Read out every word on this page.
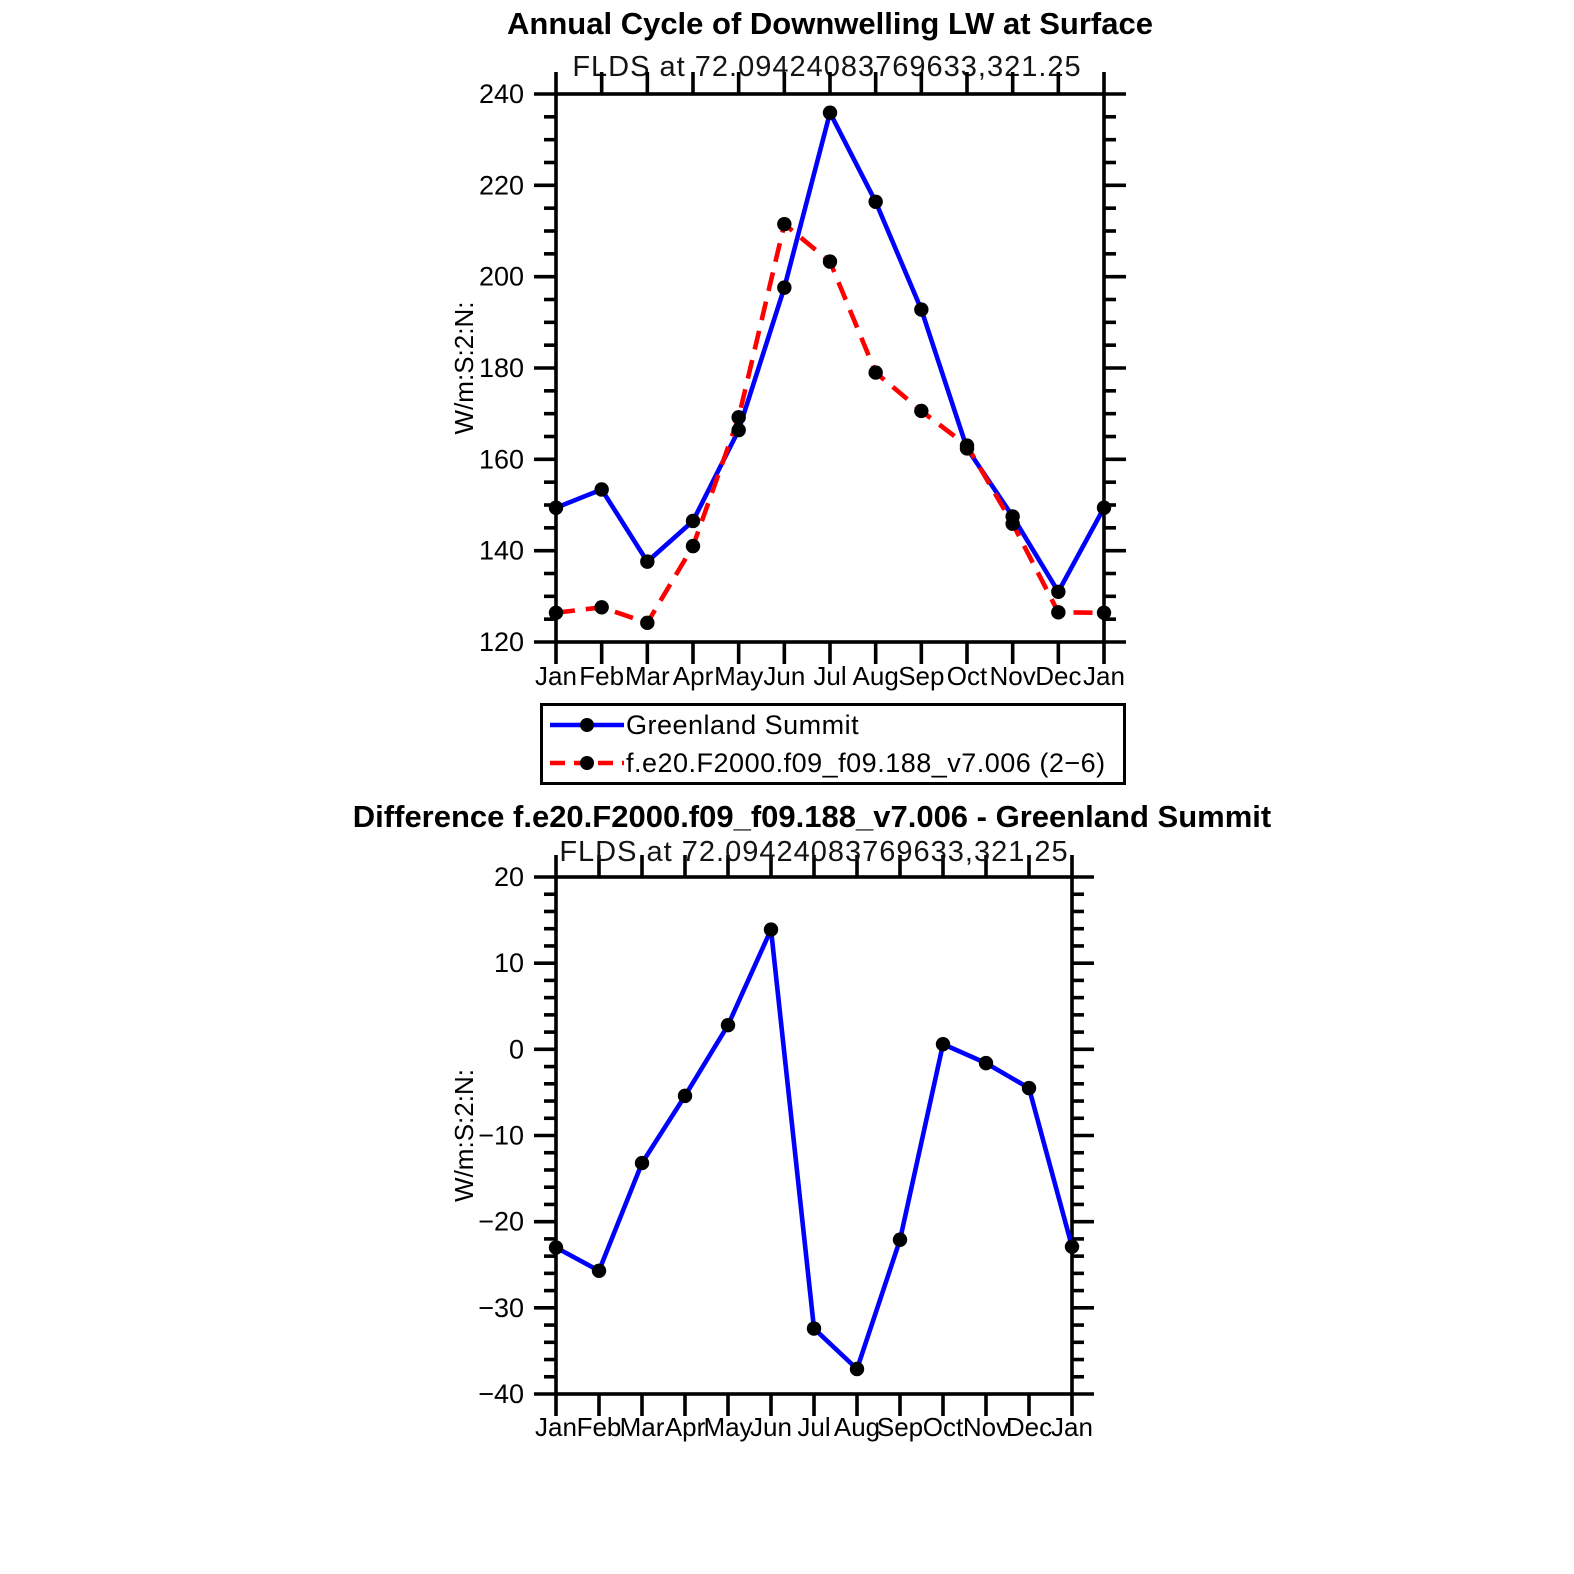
Annual Cycle of Downwelling LW at Surface
FLDS at 72.09424083769633,321.25
240
220
200
180
160
140
120
Jan Feb Mar Apr May Jun Jul Aug Sep Oct Nov Dec Jan
W/m:S:2:N:
20
10
0
−10
−20
−30
−40
Jan Feb
Mar Apr
May
Jun Jul Aug
Sep Oct Nov
Dec
Jan
W/m:S:2:N:
Greenland Summit
f.e20.F2000.f09_f09.188_v7.006 (2−6)
Difference f.e20.F2000.f09_f09.188_v7.006 - Greenland Summit
FLDS at 72.09424083769633,321.25
